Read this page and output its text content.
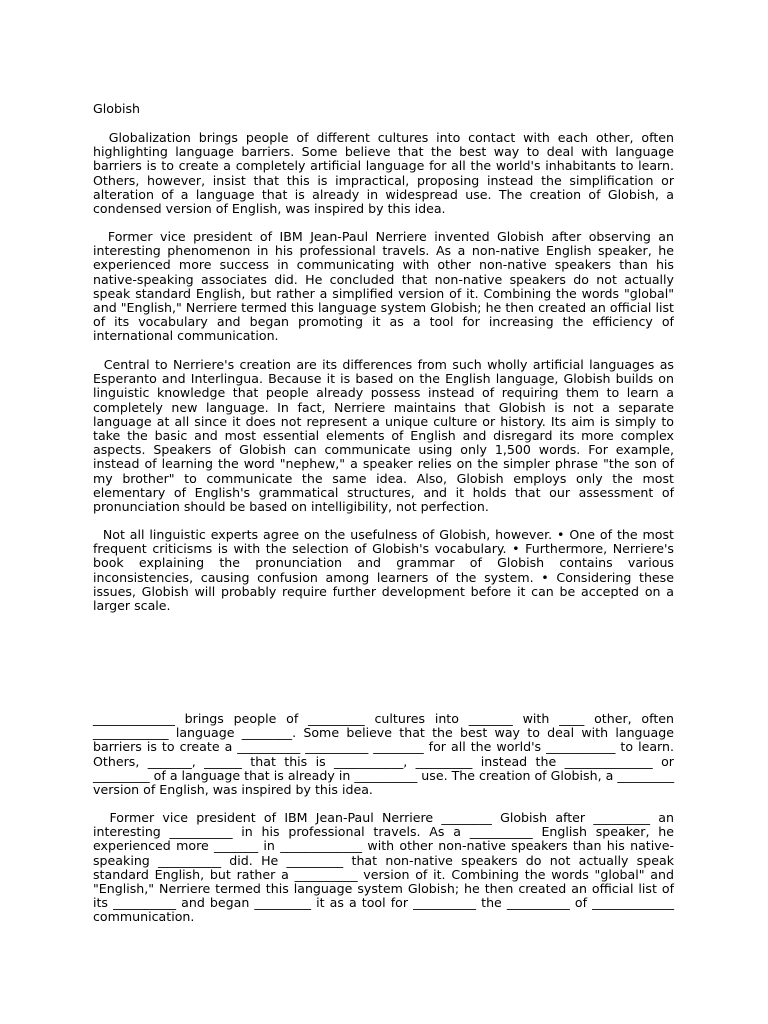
Globish

Globalization brings people of different cultures into contact with each other, often highlighting language barriers. Some believe that the best way to deal with language barriers is to create a completely artificial language for all the world's inhabitants to learn. Others, however, insist that this is impractical, proposing instead the simplification or alteration of a language that is already in widespread use. The creation of Globish, a condensed version of English, was inspired by this idea.

Former vice president of IBM Jean-Paul Nerriere invented Globish after observing an interesting phenomenon in his professional travels. As a non-native English speaker, he experienced more success in communicating with other non-native speakers than his native-speaking associates did. He concluded that non-native speakers do not actually speak standard English, but rather a simplified version of it. Combining the words "global" and "English," Nerriere termed this language system Globish; he then created an official list of its vocabulary and began promoting it as a tool for increasing the efficiency of international communication.

Central to Nerriere's creation are its differences from such wholly artificial languages as Esperanto and Interlingua. Because it is based on the English language, Globish builds on linguistic knowledge that people already possess instead of requiring them to learn a completely new language. In fact, Nerriere maintains that Globish is not a separate language at all since it does not represent a unique culture or history. Its aim is simply to take the basic and most essential elements of English and disregard its more complex aspects. Speakers of Globish can communicate using only 1,500 words. For example, instead of learning the word "nephew," a speaker relies on the simpler phrase "the son of my brother" to communicate the same idea. Also, Globish employs only the most elementary of English's grammatical structures, and it holds that our assessment of pronunciation should be based on intelligibility, not perfection.

Not all linguistic experts agree on the usefulness of Globish, however. • One of the most frequent criticisms is with the selection of Globish's vocabulary. • Furthermore, Nerriere's book explaining the pronunciation and grammar of Globish contains various inconsistencies, causing confusion among learners of the system. • Considering these issues, Globish will probably require further development before it can be accepted on a larger scale.

_____________ brings people of _________ cultures into _______ with ____ other, often ____________ language ________. Some believe that the best way to deal with language barriers is to create a __________ __________ ________ for all the world's ___________ to learn. Others, _______, ______ that this is ___________, _________ instead the ______________ or _________ of a language that is already in __________ use. The creation of Globish, a _________ version of English, was inspired by this idea.

Former vice president of IBM Jean-Paul Nerriere ________ Globish after _________ an interesting __________ in his professional travels. As a __________ English speaker, he experienced more _______ in _____________ with other non-native speakers than his native-speaking __________ did. He _________ that non-native speakers do not actually speak standard English, but rather a __________ version of it. Combining the words "global" and "English," Nerriere termed this language system Globish; he then created an official list of its __________ and began _________ it as a tool for __________ the __________ of _____________ communication.
